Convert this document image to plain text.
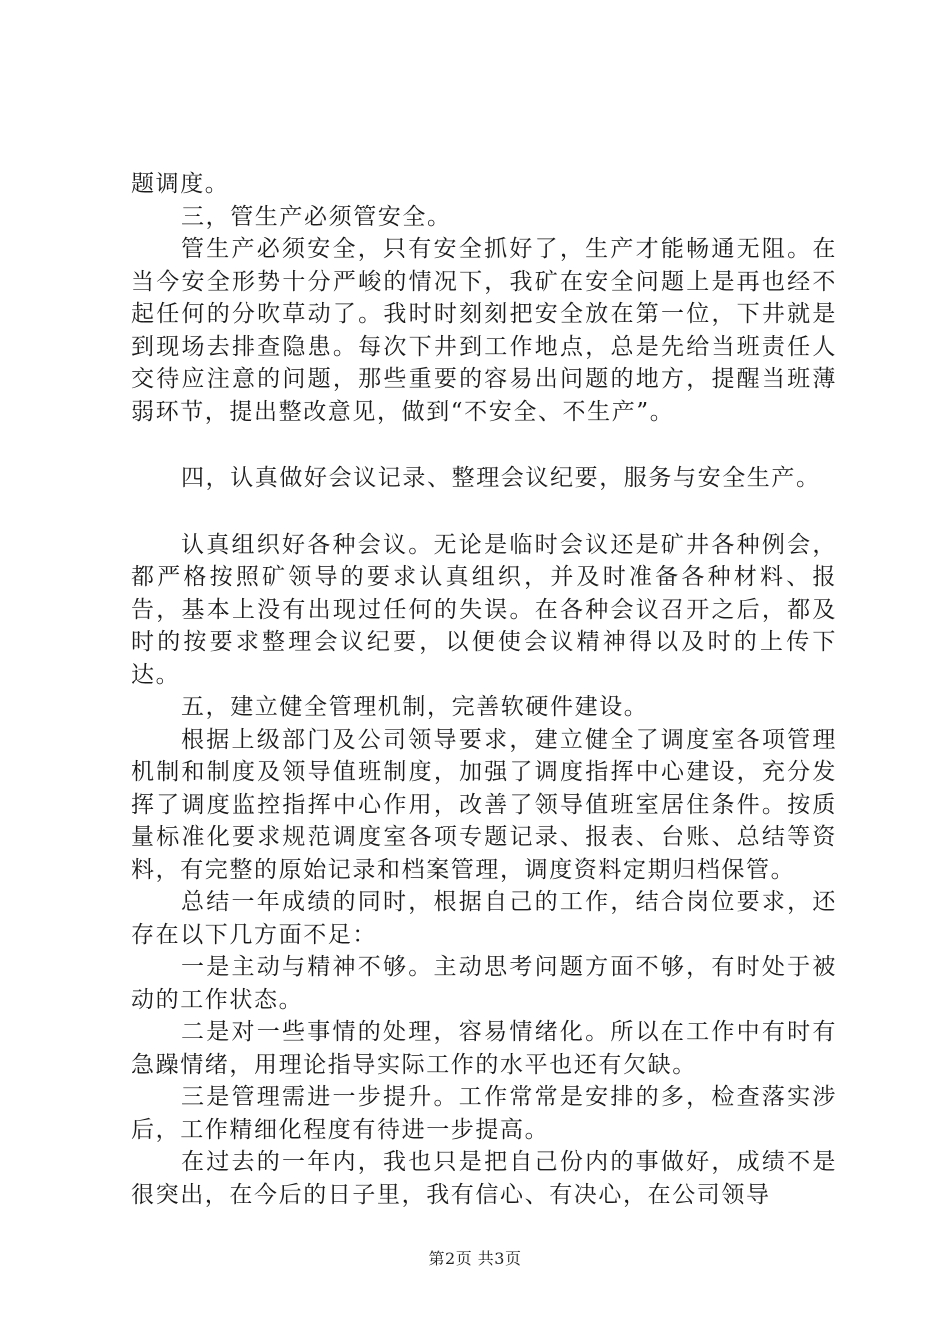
题调度。

三，管生产必须管安全。

管生产必须安全，只有安全抓好了，生产才能畅通无阻。在当今安全形势十分严峻的情况下，我矿在安全问题上是再也经不起任何的分吹草动了。我时时刻刻把安全放在第一位，下井就是到现场去排查隐患。每次下井到工作地点，总是先给当班责任人交待应注意的问题，那些重要的容易出问题的地方，提醒当班薄弱环节，提出整改意见，做到“不安全、不生产”。

四，认真做好会议记录、整理会议纪要，服务与安全生产。

认真组织好各种会议。无论是临时会议还是矿井各种例会，都严格按照矿领导的要求认真组织，并及时准备各种材料、报告，基本上没有出现过任何的失误。在各种会议召开之后，都及时的按要求整理会议纪要，以便使会议精神得以及时的上传下达。

五，建立健全管理机制，完善软硬件建设。

根据上级部门及公司领导要求，建立健全了调度室各项管理机制和制度及领导值班制度，加强了调度指挥中心建设，充分发挥了调度监控指挥中心作用，改善了领导值班室居住条件。按质量标准化要求规范调度室各项专题记录、报表、台账、总结等资料，有完整的原始记录和档案管理，调度资料定期归档保管。

总结一年成绩的同时，根据自己的工作，结合岗位要求，还存在以下几方面不足：

一是主动与精神不够。主动思考问题方面不够，有时处于被动的工作状态。

二是对一些事情的处理，容易情绪化。所以在工作中有时有急躁情绪，用理论指导实际工作的水平也还有欠缺。

三是管理需进一步提升。工作常常是安排的多，检查落实涉后，工作精细化程度有待进一步提高。

在过去的一年内，我也只是把自己份内的事做好，成绩不是很突出，在今后的日子里，我有信心、有决心，在公司领导

第2页 共3页
